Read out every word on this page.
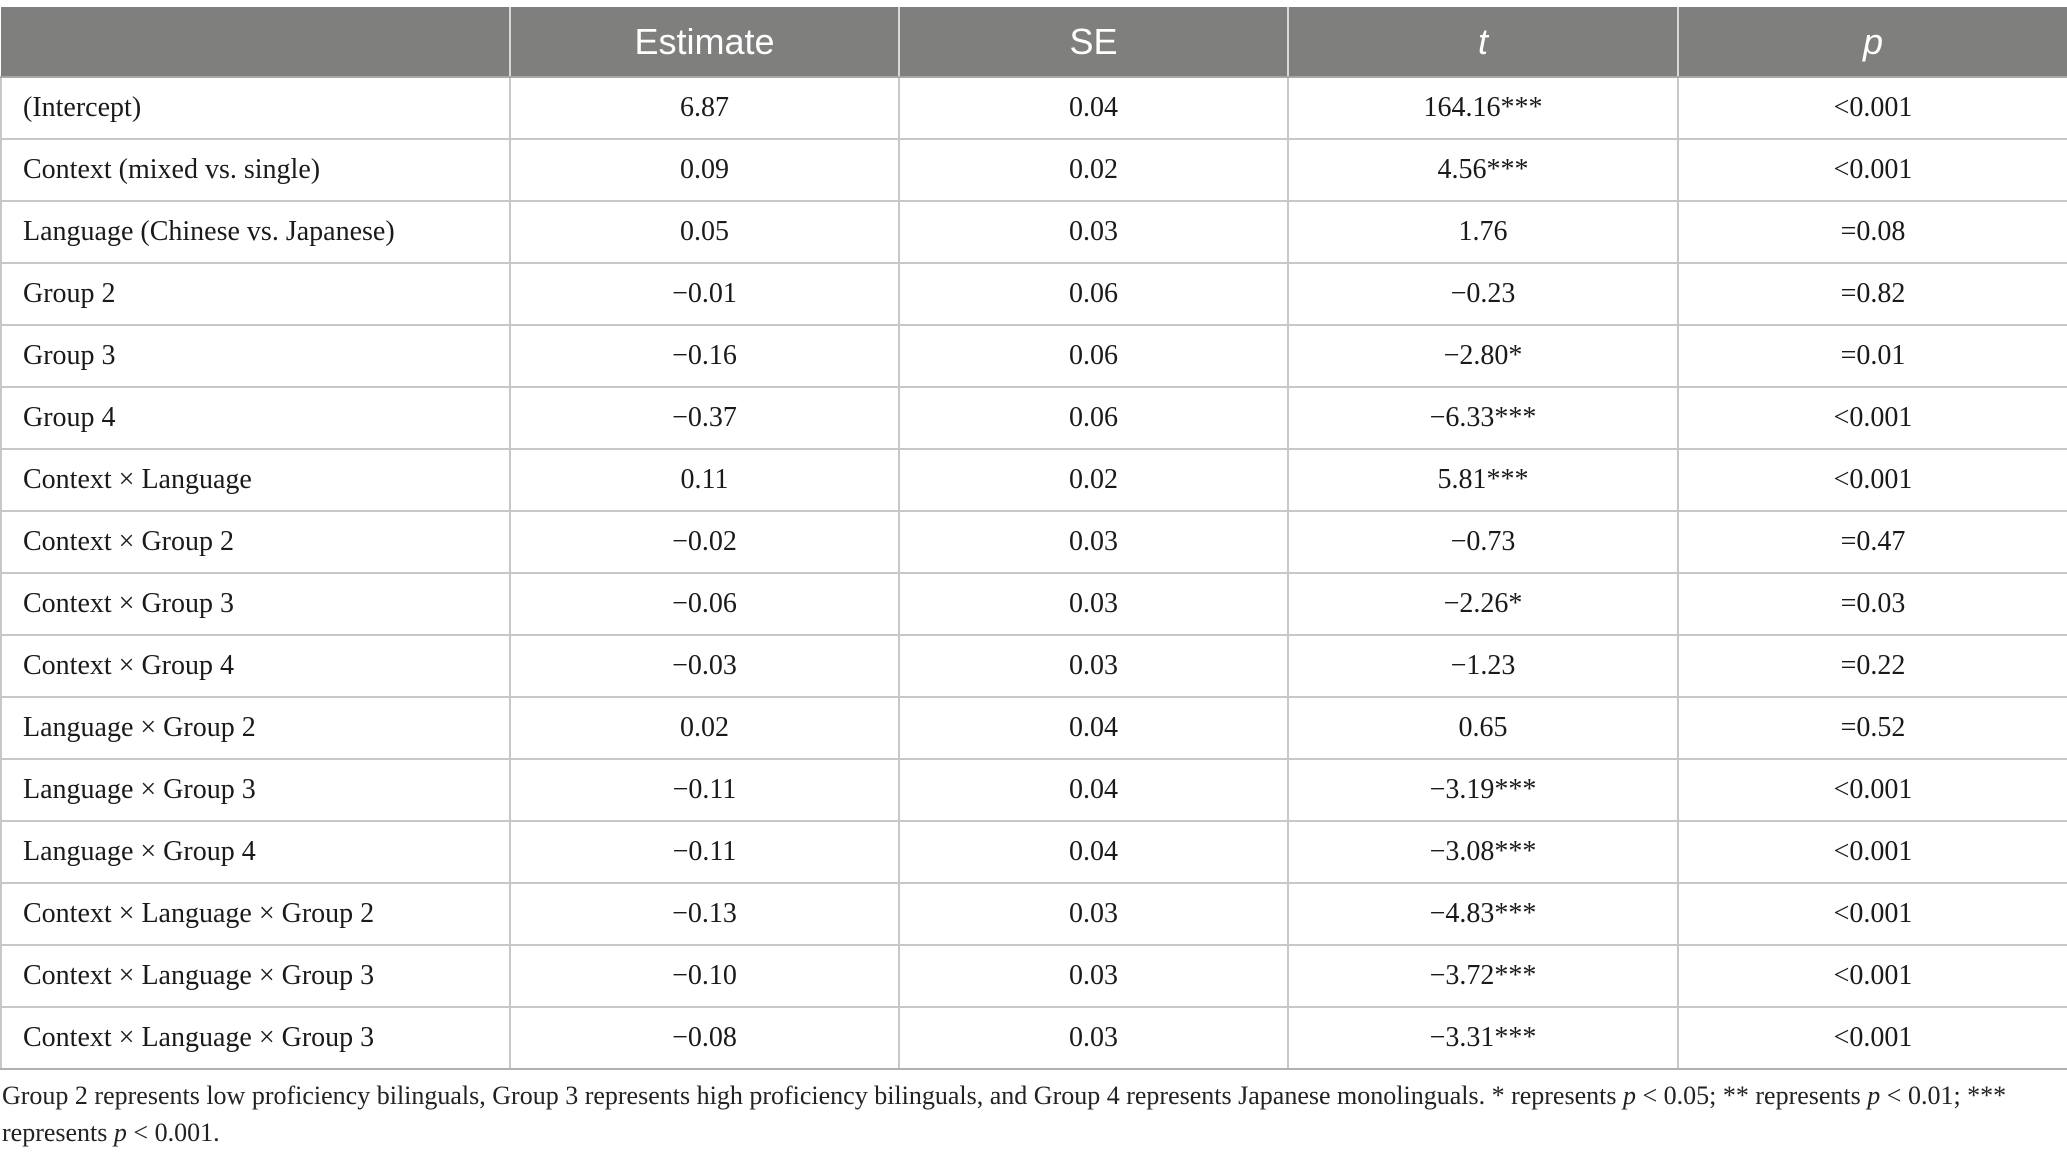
	Estimate	SE	t	p
(Intercept)	6.87	0.04	164.16***	<0.001
Context (mixed vs. single)	0.09	0.02	4.56***	<0.001
Language (Chinese vs. Japanese)	0.05	0.03	1.76	=0.08
Group 2	−0.01	0.06	−0.23	=0.82
Group 3	−0.16	0.06	−2.80*	=0.01
Group 4	−0.37	0.06	−6.33***	<0.001
Context × Language	0.11	0.02	5.81***	<0.001
Context × Group 2	−0.02	0.03	−0.73	=0.47
Context × Group 3	−0.06	0.03	−2.26*	=0.03
Context × Group 4	−0.03	0.03	−1.23	=0.22
Language × Group 2	0.02	0.04	0.65	=0.52
Language × Group 3	−0.11	0.04	−3.19***	<0.001
Language × Group 4	−0.11	0.04	−3.08***	<0.001
Context × Language × Group 2	−0.13	0.03	−4.83***	<0.001
Context × Language × Group 3	−0.10	0.03	−3.72***	<0.001
Context × Language × Group 3	−0.08	0.03	−3.31***	<0.001
Group 2 represents low proficiency bilinguals, Group 3 represents high proficiency bilinguals, and Group 4 represents Japanese monolinguals. * represents p < 0.05; ** represents p < 0.01; *** represents p < 0.001.
